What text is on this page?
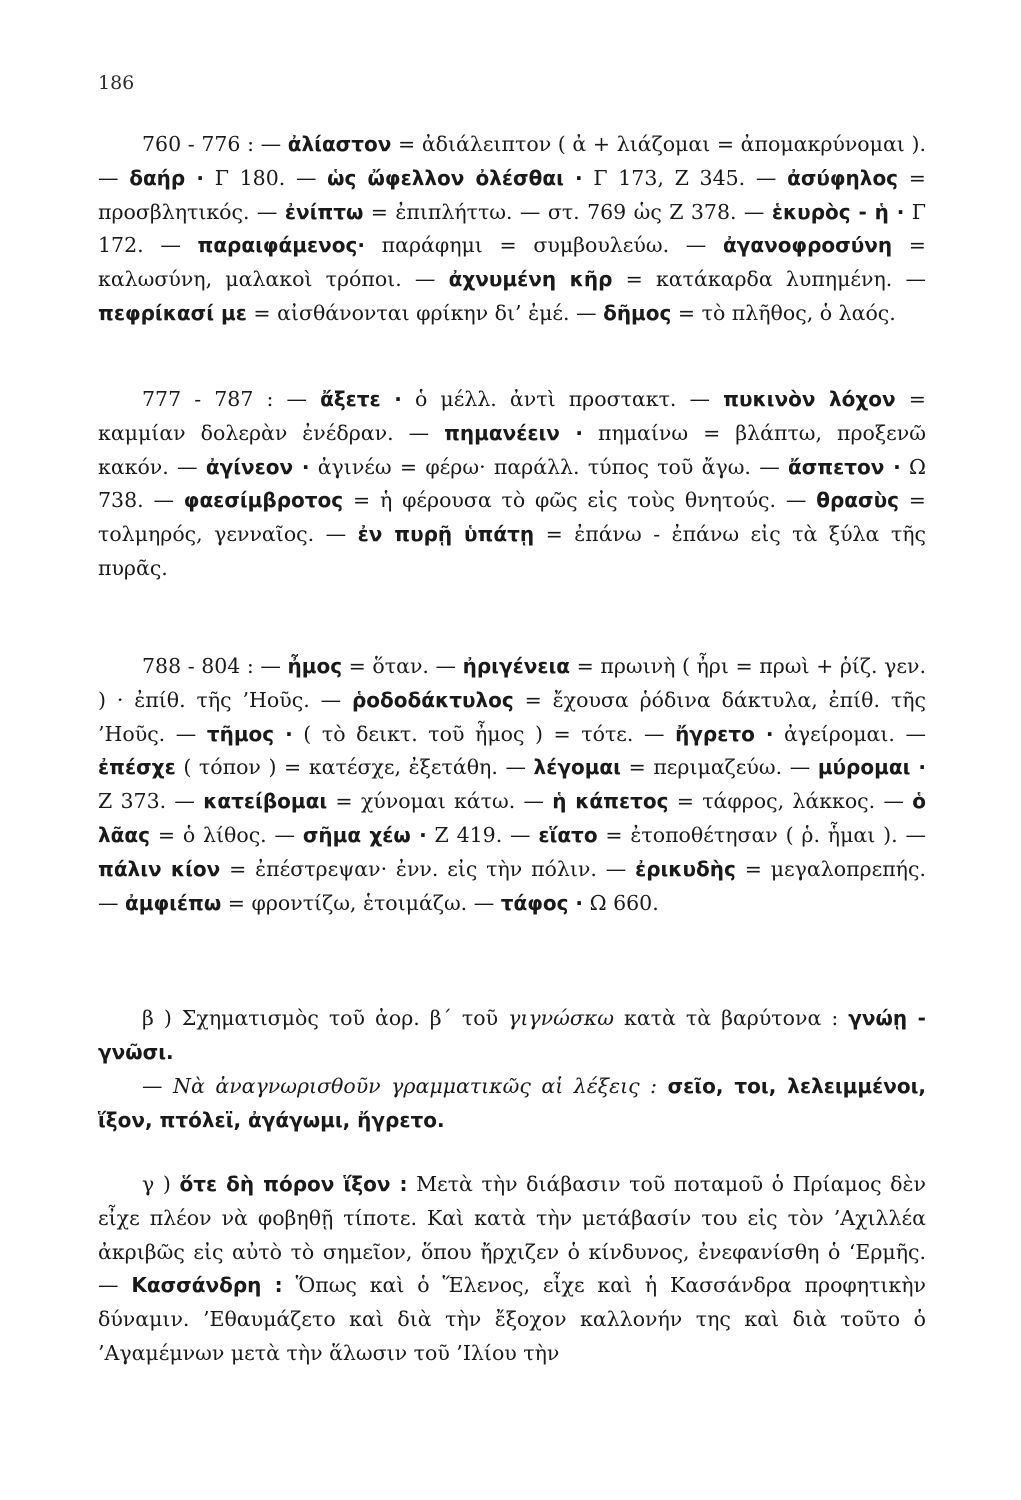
186
760 - 776 : — ἀλίαστον = ἀδιάλειπτον ( ἀ + λιάζομαι = ἀπομακρύνομαι ). — δαήρ · Γ 180. — ὡς ὤφελλον ὀλέσθαι · Γ 173, Ζ 345. — ἀσύφηλος = προσβλητικός. — ἐνίπτω = ἐπιπλήττω. — στ. 769 ὡς Ζ 378. — ἑκυρὸς - ἡ · Γ 172. — παραιφάμενος· παράφημι = συμβουλεύω. — ἀγανοφροσύνη = καλωσύνη, μαλακοὶ τρόποι. — ἀχνυμένη κῆρ = κατάκαρδα λυπημένη. — πεφρίκασί με = αἰσθάνονται φρίκην δι’ ἐμέ. — δῆμος = τὸ πλῆθος, ὁ λαός.
777 - 787 : — ἄξετε · ὁ μέλλ. ἀντὶ προστακτ. — πυκινὸν λόχον = καμμίαν δολερὰν ἐνέδραν. — πημανέειν · πημαίνω = βλάπτω, προξενῶ κακόν. — ἀγίνεον · ἀγινέω = φέρω· παράλλ. τύπος τοῦ ἄγω. — ἄσπετον · Ω 738. — φαεσίμβροτος = ἡ φέρουσα τὸ φῶς εἰς τοὺς θνητούς. — θρασὺς = τολμηρός, γενναῖος. — ἐν πυρῇ ὑπάτῃ = ἐπάνω - ἐπάνω εἰς τὰ ξύλα τῆς πυρᾶς.
788 - 804 : — ἦμος = ὅταν. — ἠριγένεια = πρωινὴ ( ἦρι = πρωὶ + ῥίζ. γεν. ) · ἐπίθ. τῆς ’Ηοῦς. — ῥοδοδάκτυλος = ἔχουσα ῥόδινα δάκτυλα, ἐπίθ. τῆς ’Ηοῦς. — τῆμος · ( τὸ δεικτ. τοῦ ἦμος ) = τότε. — ἤγρετο · ἀγείρομαι. — ἐπέσχε ( τόπον ) = κατέσχε, ἐξετάθη. — λέγομαι = περιμαζεύω. — μύρομαι · Ζ 373. — κατείβομαι = χύνομαι κάτω. — ἡ κάπετος = τάφρος, λάκκος. — ὁ λᾶας = ὁ λίθος. — σῆμα χέω · Ζ 419. — εἵατο = ἐτοποθέτησαν ( ῥ. ἧμαι ). — πάλιν κίον = ἐπέστρεψαν· ἐνν. εἰς τὴν πόλιν. — ἐρικυδὴς = μεγαλοπρεπής. — ἀμφιέπω = φροντίζω, ἑτοιμάζω. — τάφος · Ω 660.
β ) Σχηματισμὸς τοῦ ἀορ. β΄ τοῦ γιγνώσκω κατὰ τὰ βαρύτονα : γνώῃ - γνῶσι.
— Νὰ ἀναγνωρισθοῦν γραμματικῶς αἱ λέξεις : σεῖο, τοι, λελειμμένοι, ἵξον, πτόλεϊ, ἀγάγωμι, ἤγρετο.
γ ) ὅτε δὴ πόρον ἵξον : Μετὰ τὴν διάβασιν τοῦ ποταμοῦ ὁ Πρίαμος δὲν εἶχε πλέον νὰ φοβηθῇ τίποτε. Καὶ κατὰ τὴν μετάβασίν του εἰς τὸν ’Αχιλλέα ἀκριβῶς εἰς αὐτὸ τὸ σημεῖον, ὅπου ἤρχιζεν ὁ κίνδυνος, ἐνεφανίσθη ὁ ‘Ερμῆς. — Κασσάνδρη : Ὅπως καὶ ὁ Ἕλενος, εἶχε καὶ ἡ Κασσάνδρα προφητικὴν δύναμιν. ’Εθαυμάζετο καὶ διὰ τὴν ἔξοχον καλλονήν της καὶ διὰ τοῦτο ὁ ’Αγαμέμνων μετὰ τὴν ἅλωσιν τοῦ ’Ιλίου τὴν
